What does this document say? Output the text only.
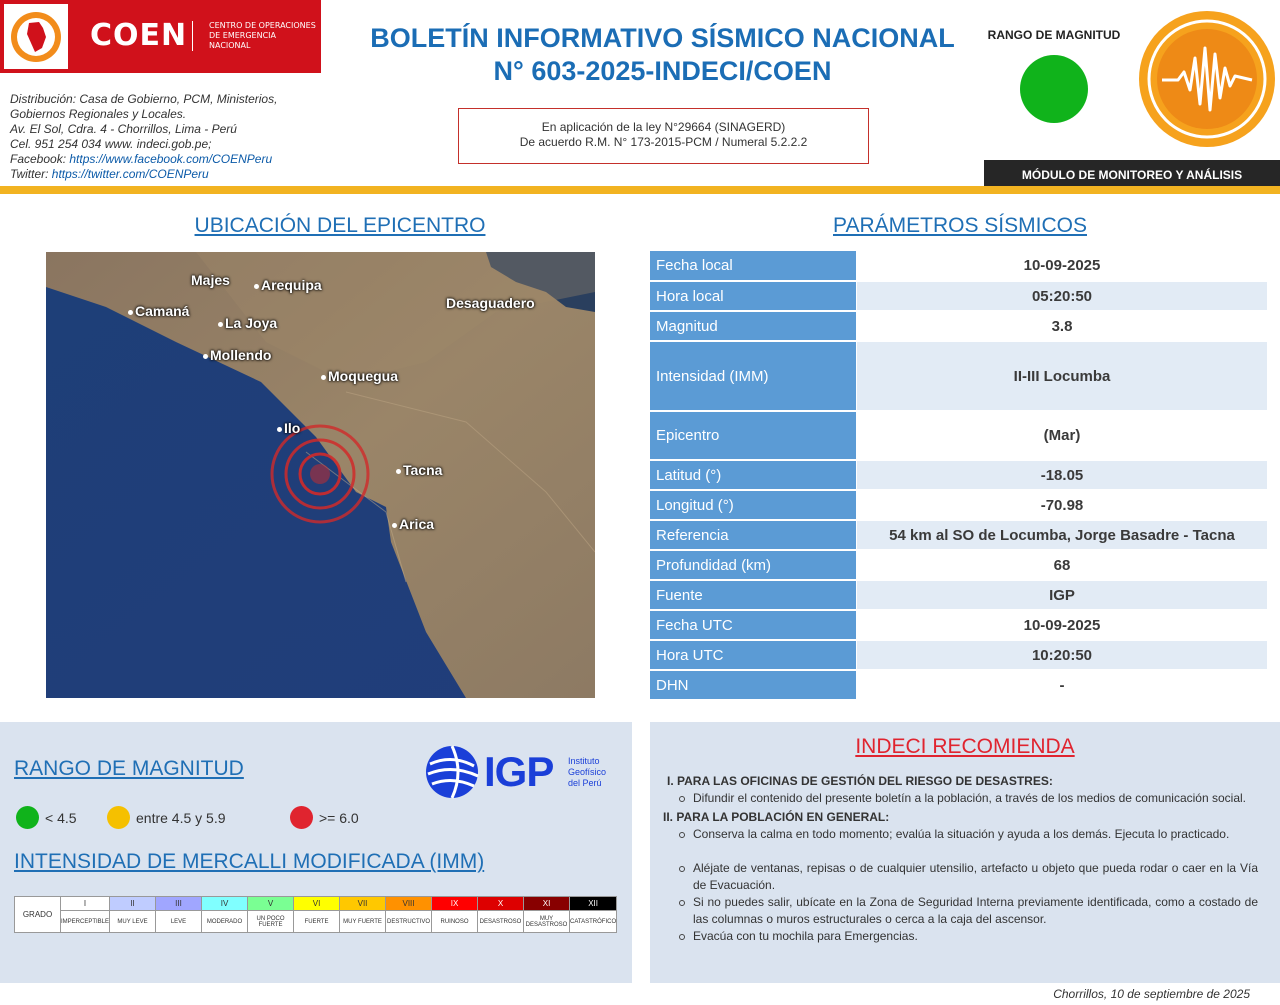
COEN	CENTRO DE OPERACIONES DE EMERGENCIA NACIONAL
Distribución: Casa de Gobierno, PCM, Ministerios,
Gobiernos Regionales y Locales.
Av. El Sol, Cdra. 4 - Chorrillos, Lima - Perú
Cel. 951 254 034 www. indeci.gob.pe;
Facebook: https://www.facebook.com/COENPeru
Twitter: https://twitter.com/COENPeru
BOLETÍN INFORMATIVO SÍSMICO NACIONAL
N° 603-2025-INDECI/COEN
En aplicación de la ley N°29664 (SINAGERD)
De acuerdo R.M. N° 173-2015-PCM / Numeral 5.2.2.2
RANGO DE MAGNITUD
MÓDULO DE MONITOREO Y ANÁLISIS
UBICACIÓN DEL EPICENTRO
Majes	Arequipa
Camaná
La Joya
Mollendo
Moquegua
Desaguadero
Ilo
Tacna
Arica
PARÁMETROS SÍSMICOS
Fecha local	10-09-2025
Hora local	05:20:50
Magnitud	3.8
Intensidad (IMM)	II-III Locumba
Epicentro	(Mar)
Latitud (°)	-18.05
Longitud (°)	-70.98
Referencia	54 km al SO de Locumba, Jorge Basadre - Tacna
Profundidad (km)	68
Fuente	IGP
Fecha UTC	10-09-2025
Hora UTC	10:20:50
DHN	-
RANGO DE MAGNITUD
< 4.5	entre 4.5 y 5.9	>= 6.0
IGP Instituto
Geofísico
del Perú
INTENSIDAD DE MERCALLI MODIFICADA (IMM)
GRADO	I	II	III	IV	V	VI	VII	VIII	IX	X	XI	XII
	IMPERCEPTIBLE	MUY LEVE	LEVE	MODERADO	UN POCO FUERTE	FUERTE	MUY FUERTE	DESTRUCTIVO	RUINOSO	DESASTROSO	MUY DESASTROSO	CATASTRÓFICO
INDECI RECOMIENDA
I. PARA LAS OFICINAS DE GESTIÓN DEL RIESGO DE DESASTRES:
Difundir el contenido del presente boletín a la población, a través de los medios de comunicación social.
II. PARA LA POBLACIÓN EN GENERAL:
Conserva la calma en todo momento; evalúa la situación y ayuda a los demás. Ejecuta lo practicado.
Aléjate de ventanas, repisas o de cualquier utensilio, artefacto u objeto que pueda rodar o caer en la Vía de Evacuación.
Si no puedes salir, ubícate en la Zona de Seguridad Interna previamente identificada, como a costado de las columnas o muros estructurales o cerca a la caja del ascensor.
Evacúa con tu mochila para Emergencias.
Chorrillos, 10 de septiembre de 2025
